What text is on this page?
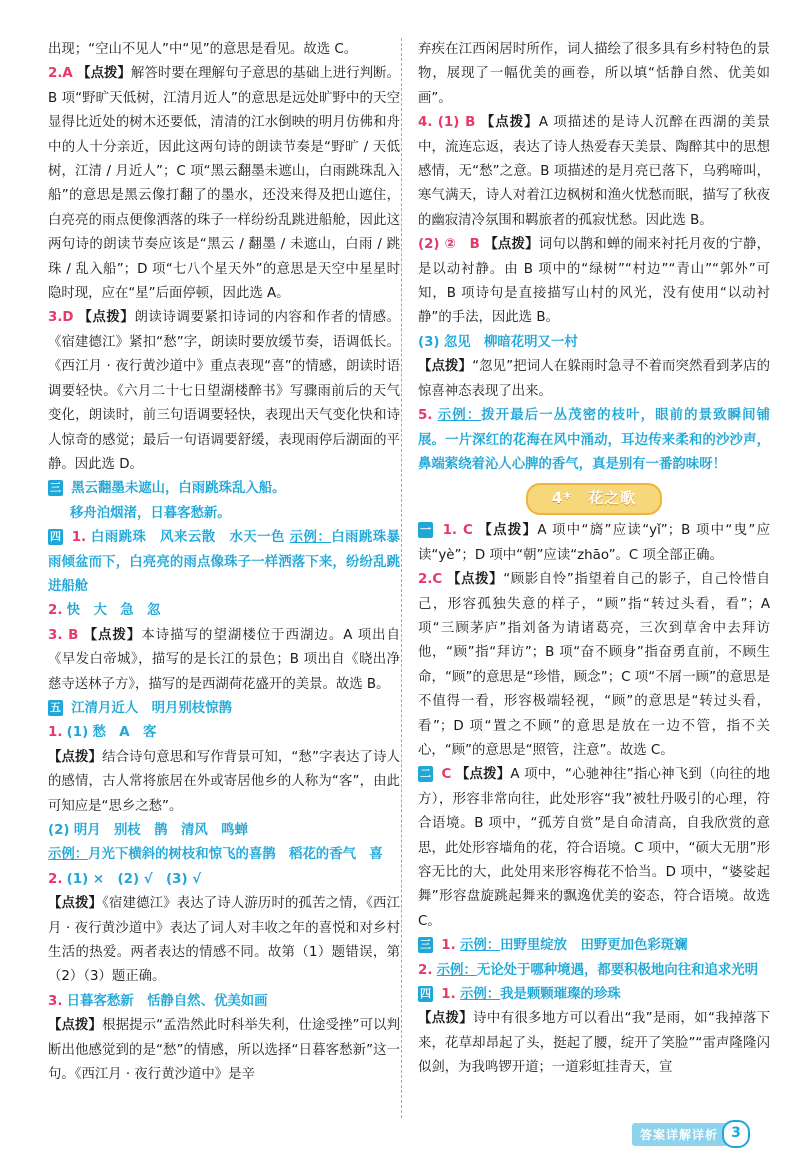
出现；“空山不见人”中“见”的意思是看见。故选 C。

2.A 【点拨】解答时要在理解句子意思的基础上进行判断。B 项“野旷天低树，江清月近人”的意思是远处旷野中的天空显得比近处的树木还要低，清清的江水倒映的明月仿佛和舟中的人十分亲近，因此这两句诗的朗读节奏是“野旷 / 天低树，江清 / 月近人”；C 项“黑云翻墨未遮山，白雨跳珠乱入船”的意思是黑云像打翻了的墨水，还没来得及把山遮住，白亮亮的雨点便像洒落的珠子一样纷纷乱跳进船舱，因此这两句诗的朗读节奏应该是“黑云 / 翻墨 / 未遮山，白雨 / 跳珠 / 乱入船”；D 项“七八个星天外”的意思是天空中星星时隐时现，应在“星”后面停顿，因此选 A。

3.D 【点拨】朗读诗调要紧扣诗词的内容和作者的情感。《宿建德江》紧扣“愁”字，朗读时要放缓节奏，语调低长。《西江月 · 夜行黄沙道中》重点表现“喜”的情感，朗读时语调要轻快。《六月二十七日望湖楼醉书》写骤雨前后的天气变化，朗读时，前三句语调要轻快，表现出天气变化快和诗人惊奇的感觉；最后一句语调要舒缓，表现雨停后湖面的平静。因此选 D。

三 黑云翻墨未遮山，白雨跳珠乱入船。
移舟泊烟渚，日暮客愁新。

四 1. 白雨跳珠　风来云散　水天一色 示例：白雨跳珠暴雨倾盆而下，白亮亮的雨点像珠子一样洒落下来，纷纷乱跳进船舱

2. 快　大　急　忽

3. B 【点拨】本诗描写的望湖楼位于西湖边。A 项出自《早发白帝城》，描写的是长江的景色；B 项出自《晓出净慈寺送林子方》，描写的是西湖荷花盛开的美景。故选 B。

五 江清月近人　明月别枝惊鹊

1. (1) 愁　A　客

【点拨】结合诗句意思和写作背景可知，“愁”字表达了诗人的感情，古人常将旅居在外或寄居他乡的人称为“客”，由此可知应是“思乡之愁”。

(2) 明月　别枝　鹊　清风　鸣蝉

示例：月光下横斜的树枝和惊飞的喜鹊　稻花的香气　喜

2. (1) ×　(2) √　(3) √

【点拨】《宿建德江》表达了诗人游历时的孤苦之情，《西江月 · 夜行黄沙道中》表达了词人对丰收之年的喜悦和对乡村生活的热爱。两者表达的情感不同。故第（1）题错误，第（2）（3）题正确。

3. 日暮客愁新　恬静自然、优美如画

【点拨】根据提示“孟浩然此时科举失利，仕途受挫”可以判断出他感觉到的是“愁”的情感，所以选择“日暮客愁新”这一句。《西江月 · 夜行黄沙道中》是辛

弃疾在江西闲居时所作，词人描绘了很多具有乡村特色的景物，展现了一幅优美的画卷，所以填“恬静自然、优美如画”。

4. (1) B 【点拨】A 项描述的是诗人沉醉在西湖的美景中，流连忘返，表达了诗人热爱春天美景、陶醉其中的思想感情，无“愁”之意。B 项描述的是月亮已落下，乌鸦啼叫，寒气满天，诗人对着江边枫树和渔火忧愁而眠，描写了秋夜的幽寂清冷氛围和羁旅者的孤寂忧愁。因此选 B。

(2) ②　B 【点拨】词句以鹊和蝉的闹来衬托月夜的宁静，是以动衬静。由 B 项中的“绿树”“村边”“青山”“郭外”可知，B 项诗句是直接描写山村的风光，没有使用“以动衬静”的手法，因此选 B。

(3) 忽见　柳暗花明又一村

【点拨】“忽见”把词人在躲雨时急寻不着而突然看到茅店的惊喜神态表现了出来。

5. 示例：拨开最后一丛茂密的枝叶，眼前的景致瞬间铺展。一片深红的花海在风中涌动，耳边传来柔和的沙沙声，鼻端萦绕着沁人心脾的香气，真是别有一番韵味呀！

4*　花之歌

一 1. C 【点拨】A 项中“旖”应读“yǐ”；B 项中“曳”应读“yè”；D 项中“朝”应读“zhāo”。C 项全部正确。

2.C 【点拨】“顾影自怜”指望着自己的影子，自己怜惜自己，形容孤独失意的样子，“顾”指“转过头看，看”；A 项“三顾茅庐”指刘备为请诸葛亮，三次到草舍中去拜访他，“顾”指“拜访”；B 项“奋不顾身”指奋勇直前，不顾生命，“顾”的意思是“珍惜，顾念”；C 项“不屑一顾”的意思是不值得一看，形容极端轻视，“顾”的意思是“转过头看，看”；D 项“置之不顾”的意思是放在一边不管，指不关心，“顾”的意思是“照管，注意”。故选 C。

二 C 【点拨】A 项中，“心驰神往”指心神飞到（向往的地方），形容非常向往，此处形容“我”被牡丹吸引的心理，符合语境。B 项中，“孤芳自赏”是自命清高，自我欣赏的意思，此处形容墙角的花，符合语境。C 项中，“硕大无朋”形容无比的大，此处用来形容梅花不恰当。D 项中，“婆娑起舞”形容盘旋跳起舞来的飘逸优美的姿态，符合语境。故选 C。

三 1. 示例：田野里绽放　田野更加色彩斑斓

2. 示例：无论处于哪种境遇，都要积极地向往和追求光明

四 1. 示例：我是颗颗璀璨的珍珠

【点拨】诗中有很多地方可以看出“我”是雨，如“我掉落下来，花草却昂起了头，挺起了腰，绽开了笑脸”“雷声隆隆闪似剑，为我鸣锣开道；一道彩虹挂青天，宣

答案详解详析 3
